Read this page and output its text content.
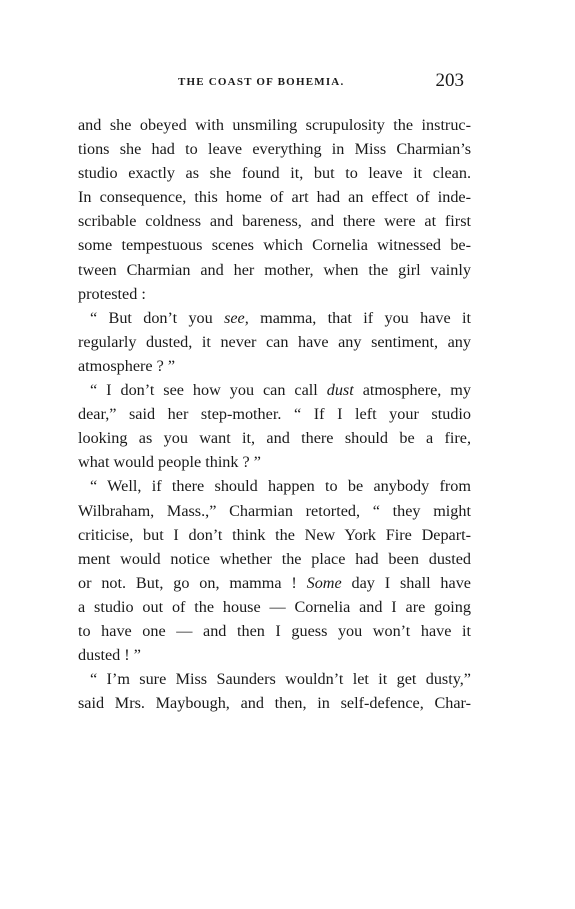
THE COAST OF BOHEMIA.	203
and she obeyed with unsmiling scrupulosity the instruc-
tions she had to leave everything in Miss Charmian’s
studio exactly as she found it, but to leave it clean.
In consequence, this home of art had an effect of inde-
scribable coldness and bareness, and there were at first
some tempestuous scenes which Cornelia witnessed be-
tween Charmian and her mother, when the girl vainly
protested :
“ But don’t you see, mamma, that if you have it
regularly dusted, it never can have any sentiment, any
atmosphere ? ”
“ I don’t see how you can call dust atmosphere, my
dear,” said her step-mother. “ If I left your studio
looking as you want it, and there should be a fire,
what would people think ? ”
“ Well, if there should happen to be anybody from
Wilbraham, Mass.,” Charmian retorted, “ they might
criticise, but I don’t think the New York Fire Depart-
ment would notice whether the place had been dusted
or not. But, go on, mamma ! Some day I shall have
a studio out of the house — Cornelia and I are going
to have one — and then I guess you won’t have it
dusted ! ”
“ I’m sure Miss Saunders wouldn’t let it get dusty,”
said Mrs. Maybough, and then, in self-defence, Char-
